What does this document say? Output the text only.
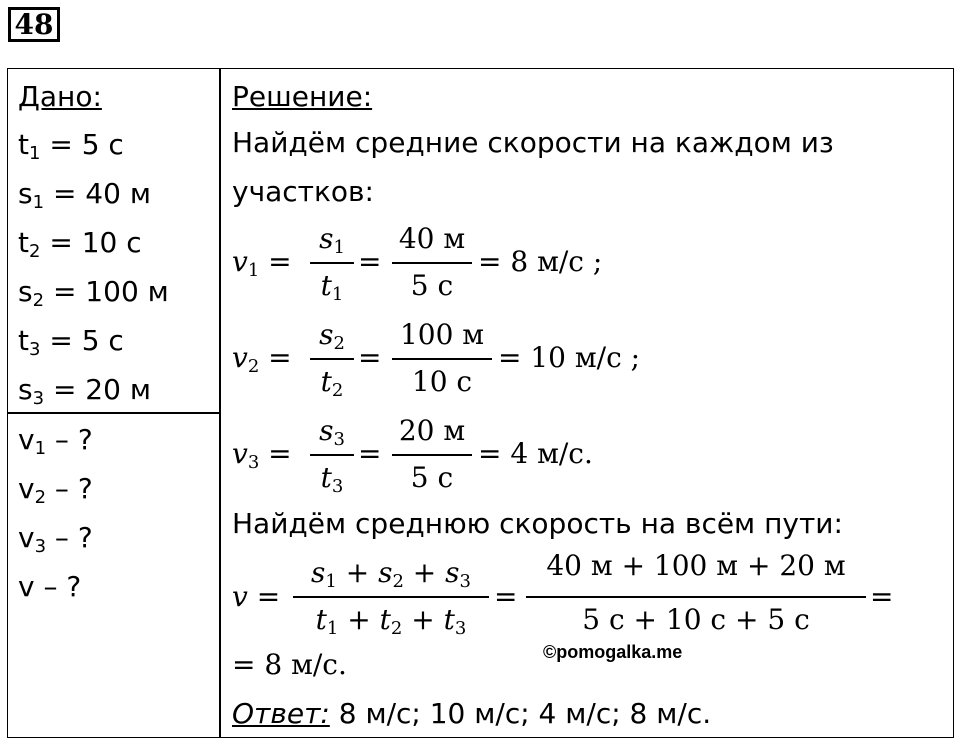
48
Дано:
$t_1 = 5$ с
$s_1 = 40$ м
$t_2 = 10$ с
$s_2 = 100$ м
$t_3 = 5$ с
$s_3 = 20$ м
$v_1$ – ?
$v_2$ – ?
$v_3$ – ?
v – ?
Решение:
Найдём средние скорости на каждом из
участков:
$v_1$ =
$s_1$
$t_1$
=
40 м
5 с
= 8 м/с ;
$v_2$ =
$s_2$
$t_2$
=
100 м
10 с
= 10 м/с ;
$v_3$ =
$s_3$
$t_3$
=
20 м
5 с
= 4 м/с.
Найдём среднюю скорость на всём пути:
v =
$s_1 + s_2 + s_3$
$t_1 + t_2 + t_3$
=
40 м + 100 м + 20 м
5 с + 10 с + 5 с
=
= 8 м/с.	©pomogalka.me
Ответ: 8 м/с; 10 м/с; 4 м/с; 8 м/с.
